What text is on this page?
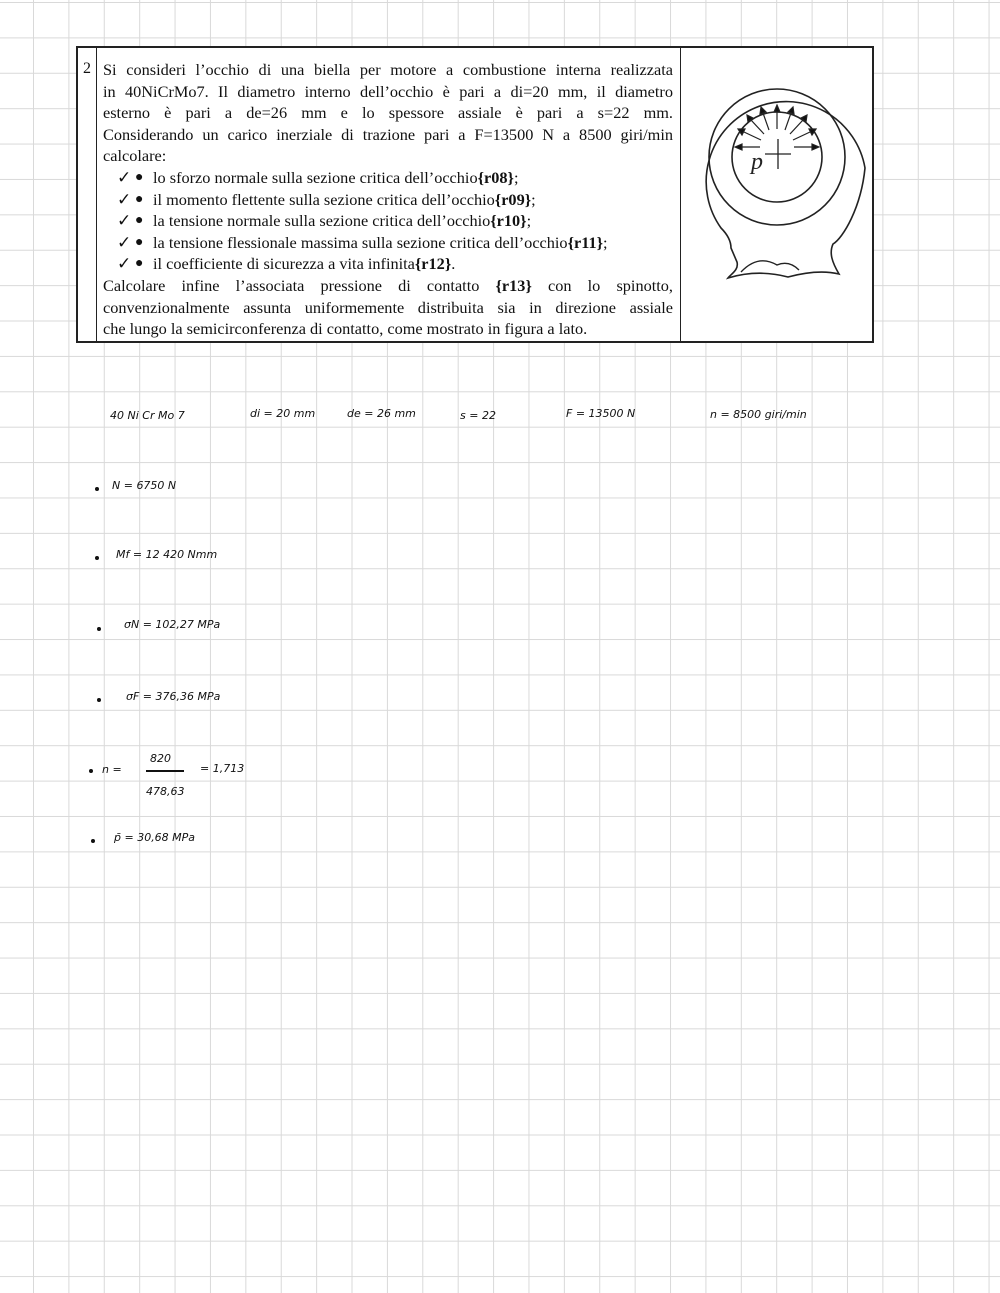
2 Si consideri l’occhio di una biella per motore a combustione interna realizzata

in 40NiCrMo7. Il diametro interno dell’occhio è pari a di=20 mm, il diametro

esterno è pari a de=26 mm e lo spessore assiale è pari a s=22 mm.

Considerando un carico inerziale di trazione pari a F=13500 N a 8500 giri/min

calcolare:

✓ ● lo sforzo normale sulla sezione critica dell’occhio {r08} ;
✓ ● il momento flettente sulla sezione critica dell’occhio {r09} ;
✓ ● la tensione normale sulla sezione critica dell’occhio {r10} ;
✓ ● la tensione flessionale massima sulla sezione critica dell’occhio {r11} ;
✓ ● il coefficiente di sicurezza a vita infinita {r12} .

Calcolare infine l’associata pressione di contatto {r13} con lo spinotto,

convenzionalmente assunta uniformemente distribuita sia in direzione assiale

che lungo la semicirconferenza di contatto, come mostrato in figura a lato.

p
40 Ni Cr Mo 7	di = 20 mm	de = 26 mm	s = 22	F = 13500 N	n = 8500 giri/min
N = 6750 N
Mf = 12 420 Nmm
σN = 102,27 MPa
σF = 376,36 MPa
n =
820
478,63
= 1,713
p̄ = 30,68 MPa
